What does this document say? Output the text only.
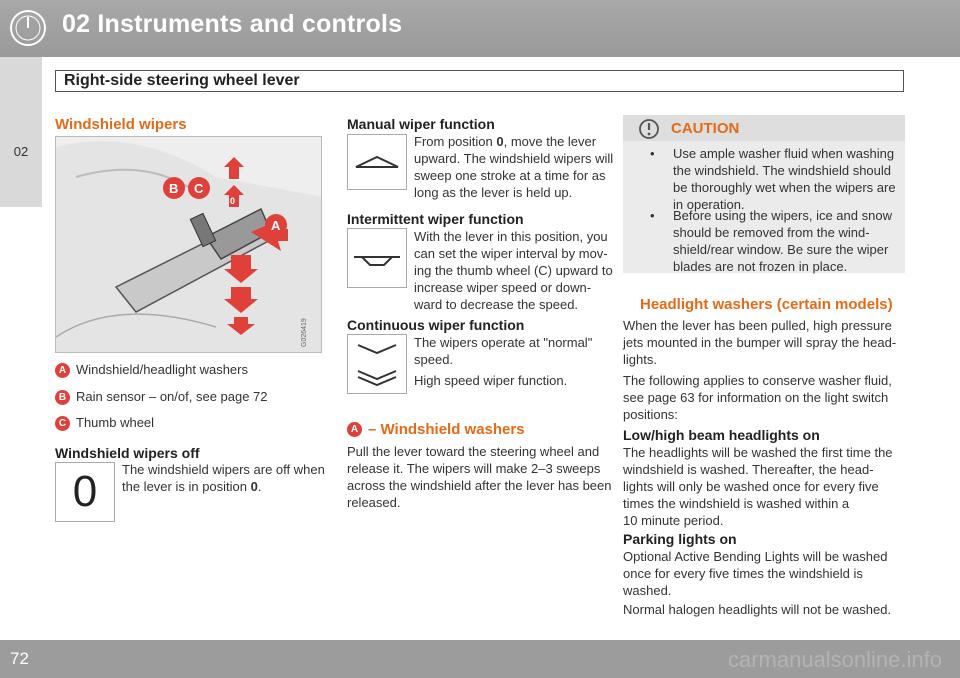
02 Instruments and controls
02
Right-side steering wheel lever
Windshield wipers
B C
A
0
G026419
A Windshield/headlight washers
B Rain sensor – on/of, see page 72
C Thumb wheel
Windshield wipers off
0	The windshield wipers are off when
the lever is in position 0.
Manual wiper function
From position 0, move the lever
upward. The windshield wipers will
sweep one stroke at a time for as
long as the lever is held up.
Intermittent wiper function
With the lever in this position, you
can set the wiper interval by mov-
ing the thumb wheel (C) upward to
increase wiper speed or down-
ward to decrease the speed.
Continuous wiper function
The wipers operate at "normal"
speed.
High speed wiper function.
A – Windshield washers
Pull the lever toward the steering wheel and
release it. The wipers will make 2–3 sweeps
across the windshield after the lever has been
released.
CAUTION
• Use ample washer fluid when washing
the windshield. The windshield should
be thoroughly wet when the wipers are
in operation.
• Before using the wipers, ice and snow
should be removed from the wind-
shield/rear window. Be sure the wiper
blades are not frozen in place.
Headlight washers (certain models)
When the lever has been pulled, high pressure
jets mounted in the bumper will spray the head-
lights.
The following applies to conserve washer fluid,
see page 63 for information on the light switch
positions:
Low/high beam headlights on
The headlights will be washed the first time the
windshield is washed. Thereafter, the head-
lights will only be washed once for every five
times the windshield is washed within a
10 minute period.
Parking lights on
Optional Active Bending Lights will be washed
once for every five times the windshield is
washed.
Normal halogen headlights will not be washed.
72	carmanualsonline.info
